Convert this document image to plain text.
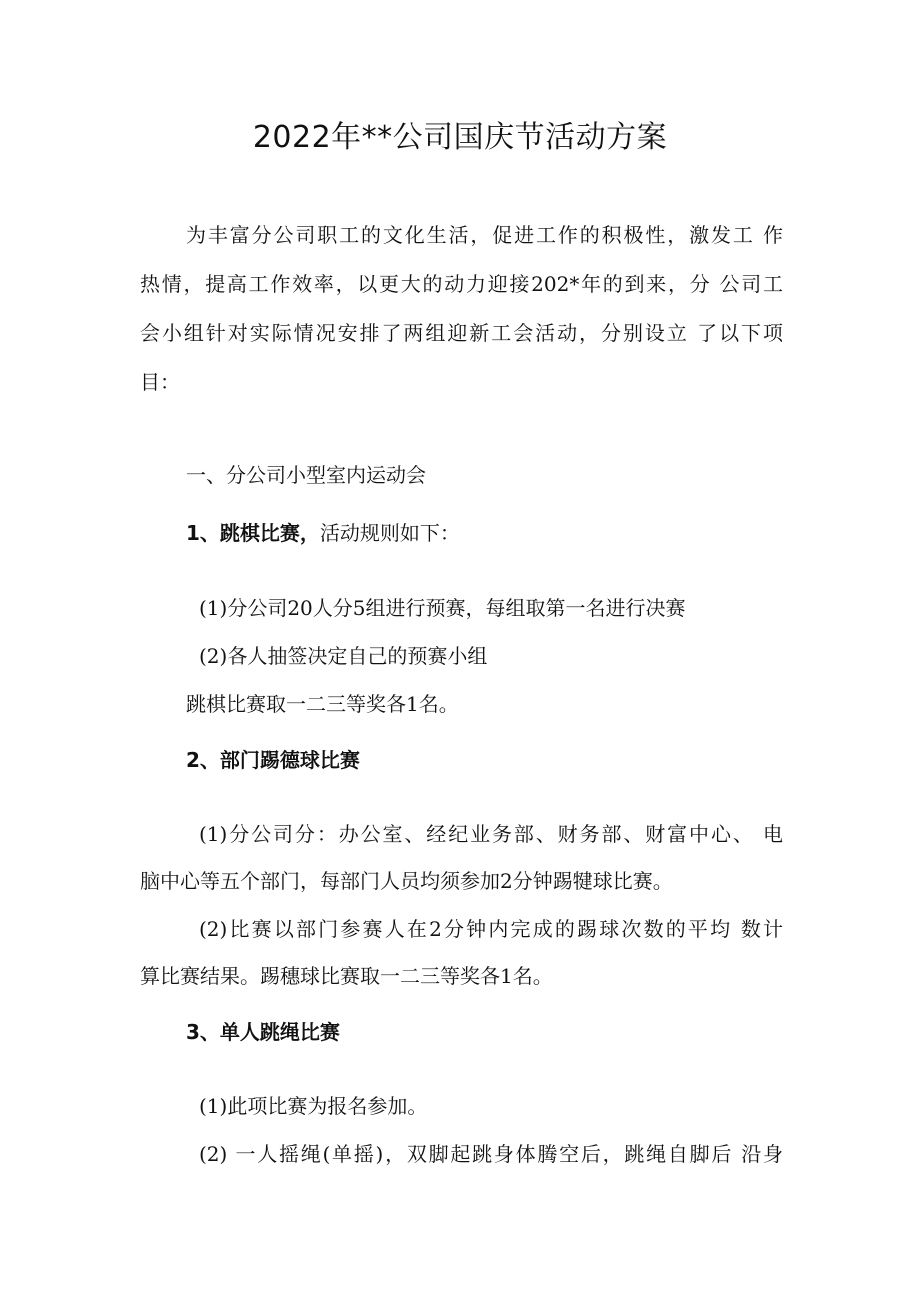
2022年**公司国庆节活动方案
为丰富分公司职工的文化生活，促进工作的积极性，激发工 作
热情，提高工作效率，以更大的动力迎接202*年的到来，分 公司工
会小组针对实际情况安排了两组迎新工会活动，分别设立 了以下项
目：
一、分公司小型室内运动会
1、跳棋比赛，活动规则如下：
(1)分公司20人分5组进行预赛，每组取第一名进行决赛
(2)各人抽签决定自己的预赛小组
跳棋比赛取一二三等奖各1名。
2、部门踢德球比赛
(1)分公司分：办公室、经纪业务部、财务部、财富中心、 电
脑中心等五个部门，每部门人员均须参加2分钟踢犍球比赛。
(2)比赛以部门参赛人在2分钟内完成的踢球次数的平均 数计
算比赛结果。踢穗球比赛取一二三等奖各1名。
3、单人跳绳比赛
(1)此项比赛为报名参加。
(2) 一人摇绳(单摇)，双脚起跳身体腾空后，跳绳自脚后 沿身
